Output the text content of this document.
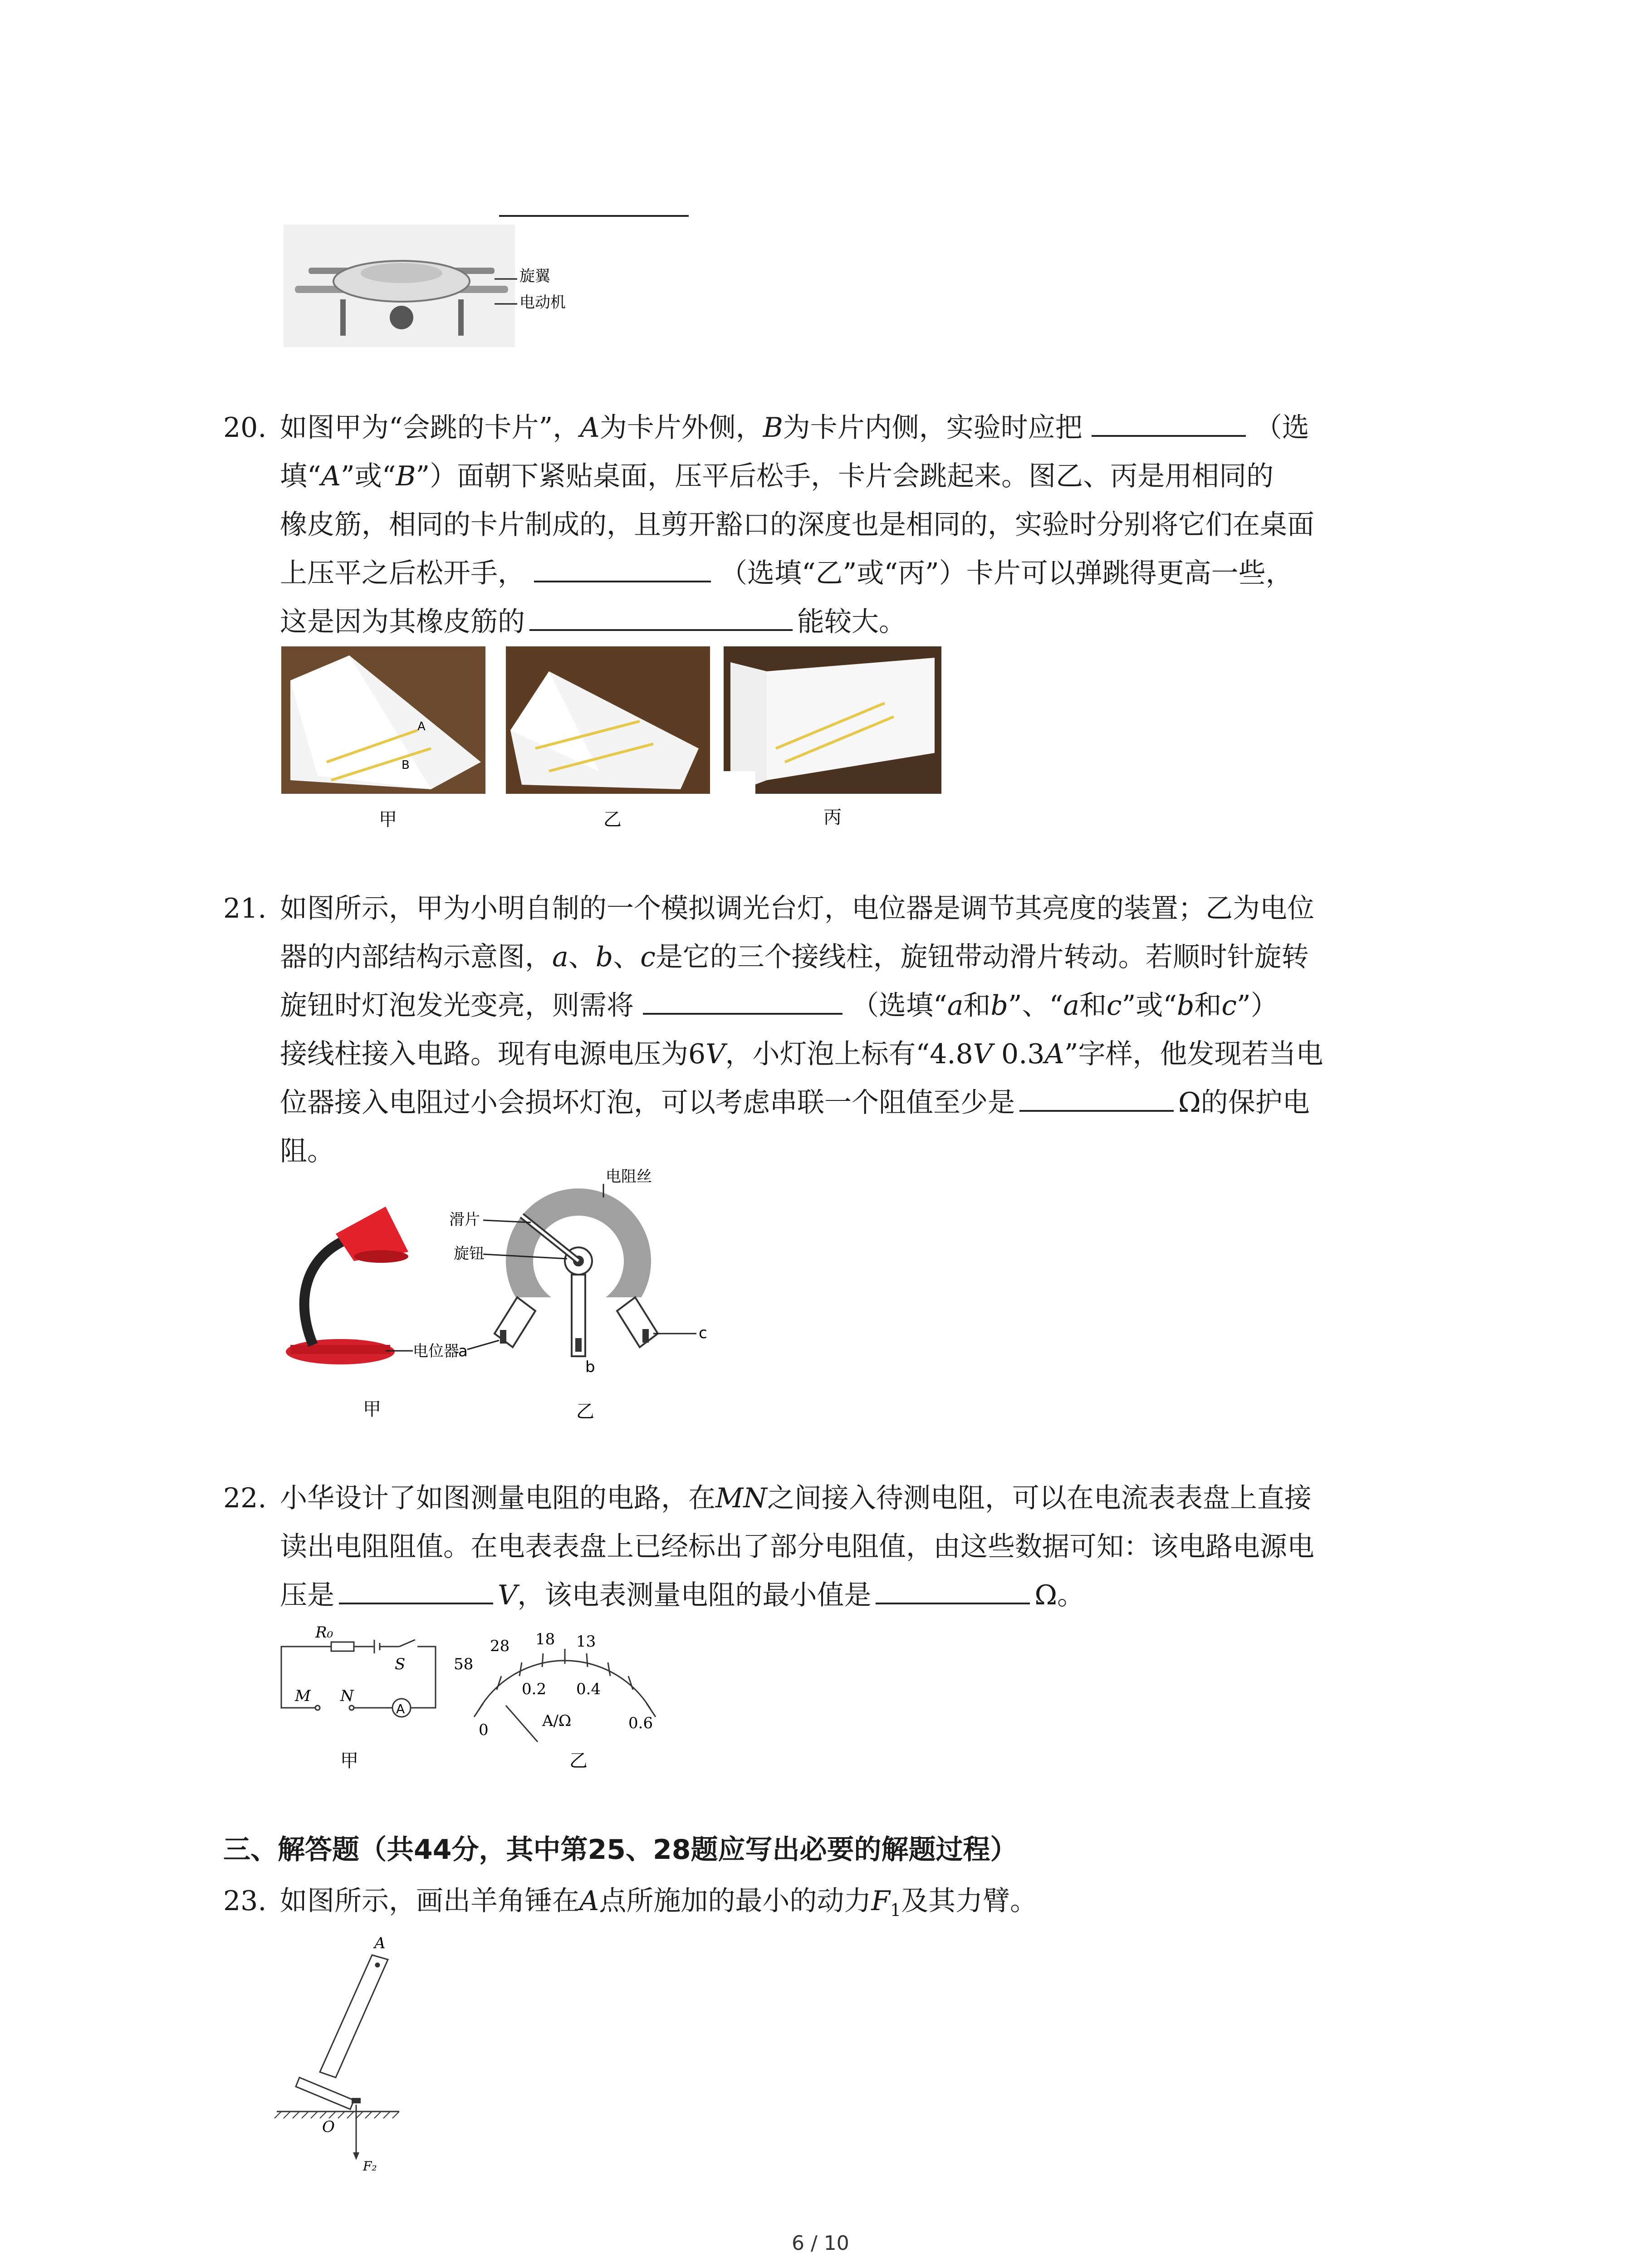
旋翼
电动机
20. 如图甲为“会跳的卡片”，A为卡片外侧，B为卡片内侧，实验时应把	（选
填“A”或“B”）面朝下紧贴桌面，压平后松手，卡片会跳起来。图乙、丙是用相同的
橡皮筋，相同的卡片制成的，且剪开豁口的深度也是相同的，实验时分别将它们在桌面
上压平之后松开手，	（选填“乙”或“丙”）卡片可以弹跳得更高一些，
这是因为其橡皮筋的	能较大。
A
B
甲	乙	丙
21. 如图所示，甲为小明自制的一个模拟调光台灯，电位器是调节其亮度的装置；乙为电位
器的内部结构示意图，a、b、c是它的三个接线柱，旋钮带动滑片转动。若顺时针旋转
旋钮时灯泡发光变亮，则需将	（选填“a和b”、“a和c”或“b和c”）
接线柱接入电路。现有电源电压为6V，小灯泡上标有“4.8V 0.3A”字样，他发现若当电
位器接入电阻过小会损坏灯泡，可以考虑串联一个阻值至少是	Ω的保护电
阻。
电位器
甲
电阻丝
滑片
旋钮
a
b
c
乙
22. 小华设计了如图测量电阻的电路，在MN之间接入待测电阻，可以在电流表表盘上直接
读出电阻阻值。在电表表盘上已经标出了部分电阻值，由这些数据可知：该电路电源电
压是	V，该电表测量电阻的最小值是	Ω。
R₀
S
M N
A
甲
58
28 18 13
0
0.2 0.4
0.6
A/Ω
乙
三、解答题（共44分，其中第25、28题应写出必要的解题过程）
23. 如图所示，画出羊角锤在A点所施加的最小的动力$F_1$及其力臂。
A
O
F₂
6 / 10
